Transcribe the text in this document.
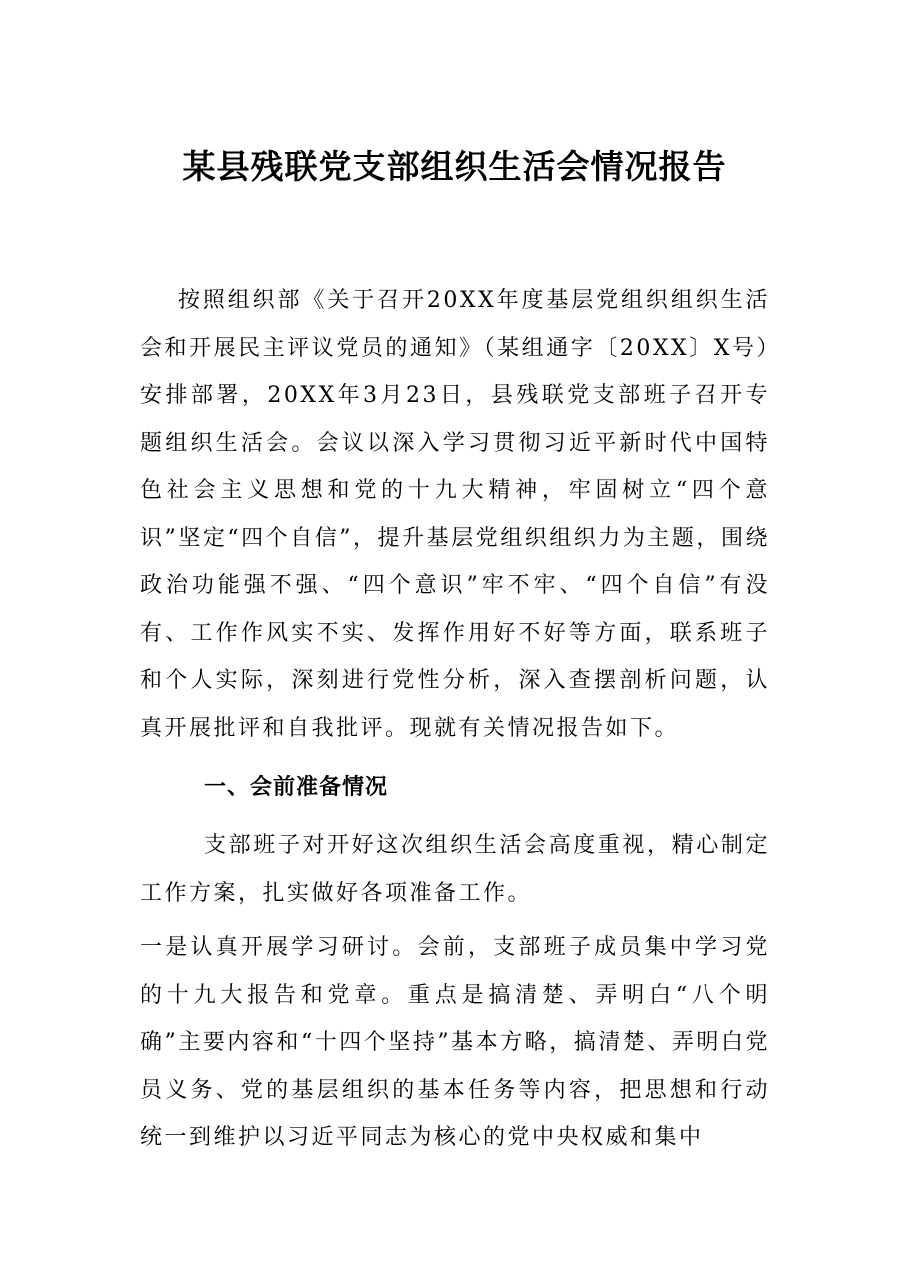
某县残联党支部组织生活会情况报告
按照组织部《关于召开20XX年度基层党组织组织生活会和开展民主评议党员的通知》（某组通字〔20XX〕X号）安排部署，20XX年3月23日，县残联党支部班子召开专题组织生活会。会议以深入学习贯彻习近平新时代中国特色社会主义思想和党的十九大精神，牢固树立“四个意识”坚定“四个自信”，提升基层党组织组织力为主题，围绕政治功能强不强、“四个意识”牢不牢、“四个自信”有没有、工作作风实不实、发挥作用好不好等方面，联系班子和个人实际，深刻进行党性分析，深入查摆剖析问题，认真开展批评和自我批评。现就有关情况报告如下。
一、会前准备情况
支部班子对开好这次组织生活会高度重视，精心制定工作方案，扎实做好各项准备工作。
一是认真开展学习研讨。会前，支部班子成员集中学习党的十九大报告和党章。重点是搞清楚、弄明白“八个明确”主要内容和“十四个坚持”基本方略，搞清楚、弄明白党员义务、党的基层组织的基本任务等内容，把思想和行动统一到维护以习近平同志为核心的党中央权威和集中
